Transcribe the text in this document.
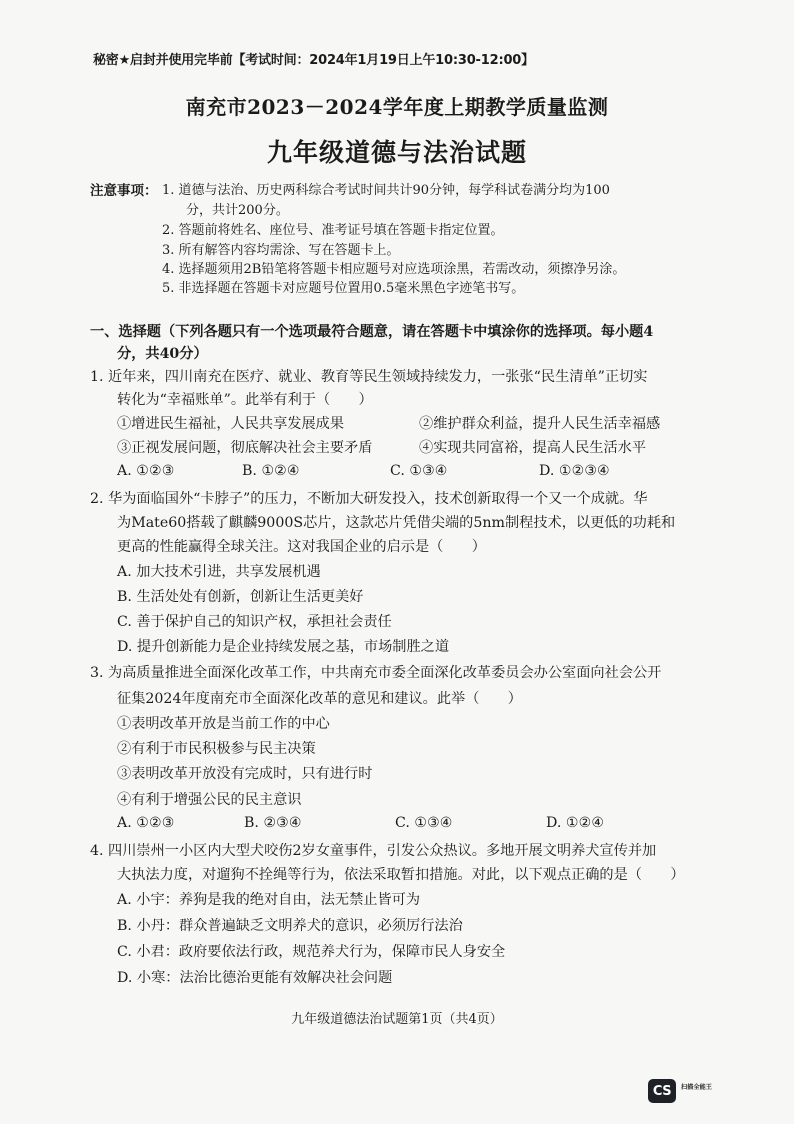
秘密★启封并使用完毕前【考试时间：2024年1月19日上午10:30-12:00】
南充市2023－2024学年度上期教学质量监测
九年级道德与法治试题
注意事项： 1. 道德与法治、历史两科综合考试时间共计90分钟，每学科试卷满分均为100
分，共计200分。
2. 答题前将姓名、座位号、准考证号填在答题卡指定位置。
3. 所有解答内容均需涂、写在答题卡上。
4. 选择题须用2B铅笔将答题卡相应题号对应选项涂黑，若需改动，须擦净另涂。
5. 非选择题在答题卡对应题号位置用0.5毫米黑色字迹笔书写。
一、选择题（下列各题只有一个选项最符合题意，请在答题卡中填涂你的选择项。每小题4
分，共40分）
1. 近年来，四川南充在医疗、就业、教育等民生领域持续发力，一张张“民生清单”正切实
转化为“幸福账单”。此举有利于（　　）
①增进民生福祉，人民共享发展成果	②维护群众利益，提升人民生活幸福感
③正视发展问题，彻底解决社会主要矛盾	④实现共同富裕，提高人民生活水平
A. ①②③	B. ①②④	C. ①③④	D. ①②③④
2. 华为面临国外“卡脖子”的压力，不断加大研发投入，技术创新取得一个又一个成就。华
为Mate60搭载了麒麟9000S芯片，这款芯片凭借尖端的5nm制程技术，以更低的功耗和
更高的性能赢得全球关注。这对我国企业的启示是（　　）
A. 加大技术引进，共享发展机遇
B. 生活处处有创新，创新让生活更美好
C. 善于保护自己的知识产权，承担社会责任
D. 提升创新能力是企业持续发展之基，市场制胜之道
3. 为高质量推进全面深化改革工作，中共南充市委全面深化改革委员会办公室面向社会公开
征集2024年度南充市全面深化改革的意见和建议。此举（　　）
①表明改革开放是当前工作的中心
②有利于市民积极参与民主决策
③表明改革开放没有完成时，只有进行时
④有利于增强公民的民主意识
A. ①②③	B. ②③④	C. ①③④	D. ①②④
4. 四川崇州一小区内大型犬咬伤2岁女童事件，引发公众热议。多地开展文明养犬宣传并加
大执法力度，对遛狗不拴绳等行为，依法采取暂扣措施。对此，以下观点正确的是（　　）
A. 小宇：养狗是我的绝对自由，法无禁止皆可为
B. 小丹：群众普遍缺乏文明养犬的意识，必须厉行法治
C. 小君：政府要依法行政，规范养犬行为，保障市民人身安全
D. 小寒：法治比德治更能有效解决社会问题
九年级道德法治试题第1页（共4页）
CS	扫描全能王
